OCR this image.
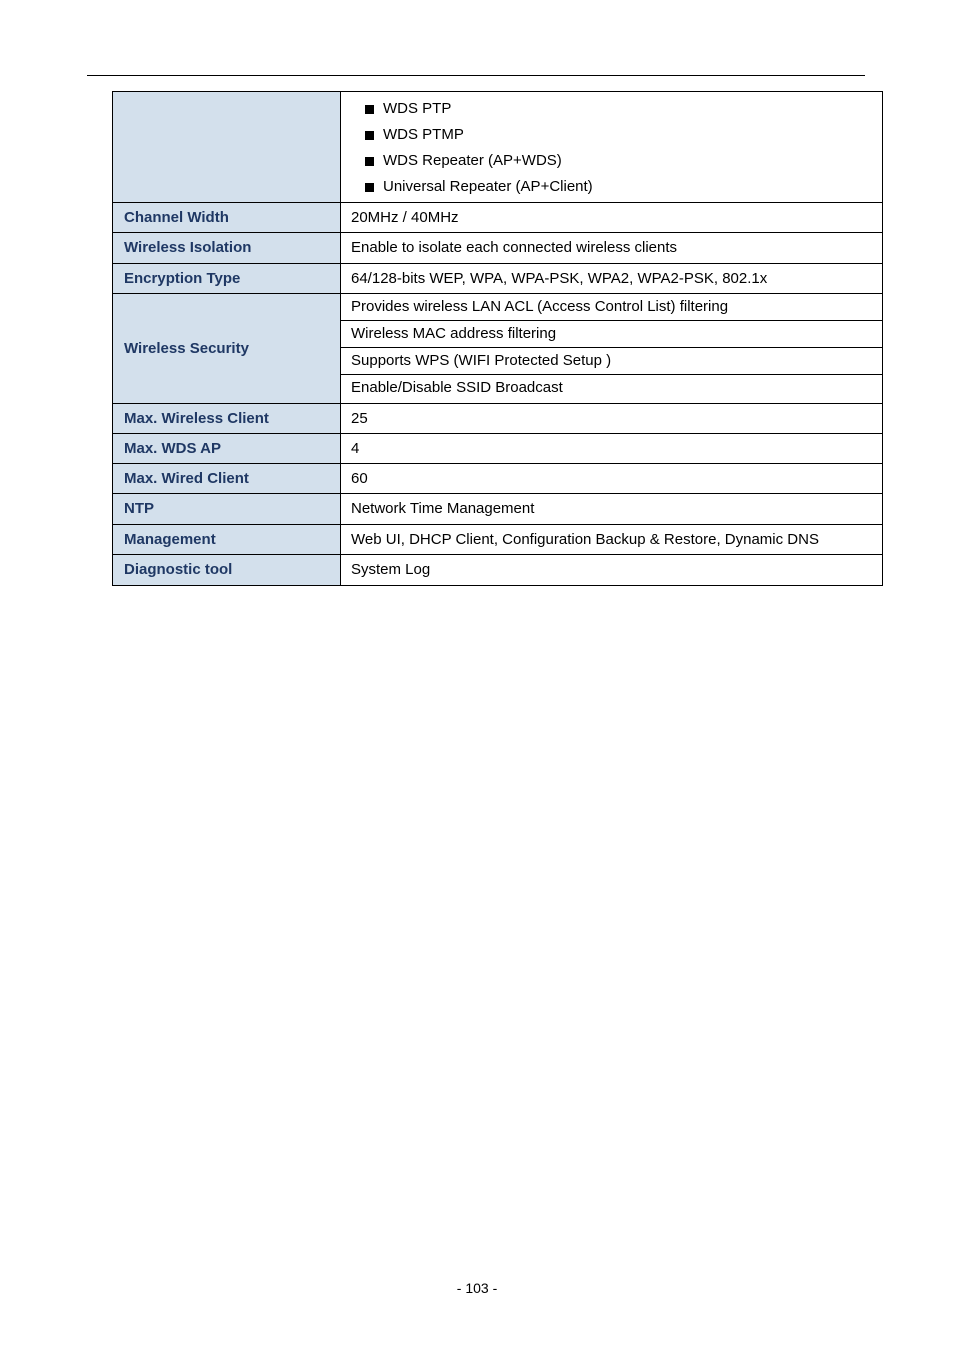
	WDS PTP
WDS PTMP
WDS Repeater (AP+WDS)
Universal Repeater (AP+Client)

Channel Width	20MHz / 40MHz
Wireless Isolation	Enable to isolate each connected wireless clients
Encryption Type	64/128-bits WEP, WPA, WPA-PSK, WPA2, WPA2-PSK, 802.1x
Wireless Security	Provides wireless LAN ACL (Access Control List) filtering
Wireless MAC address filtering
Supports WPS (WIFI Protected Setup )
Enable/Disable SSID Broadcast

Max. Wireless Client	25
Max. WDS AP	4
Max. Wired Client	60
NTP	Network Time Management
Management	Web UI, DHCP Client, Configuration Backup & Restore, Dynamic DNS
Diagnostic tool	System Log
- 103 -
